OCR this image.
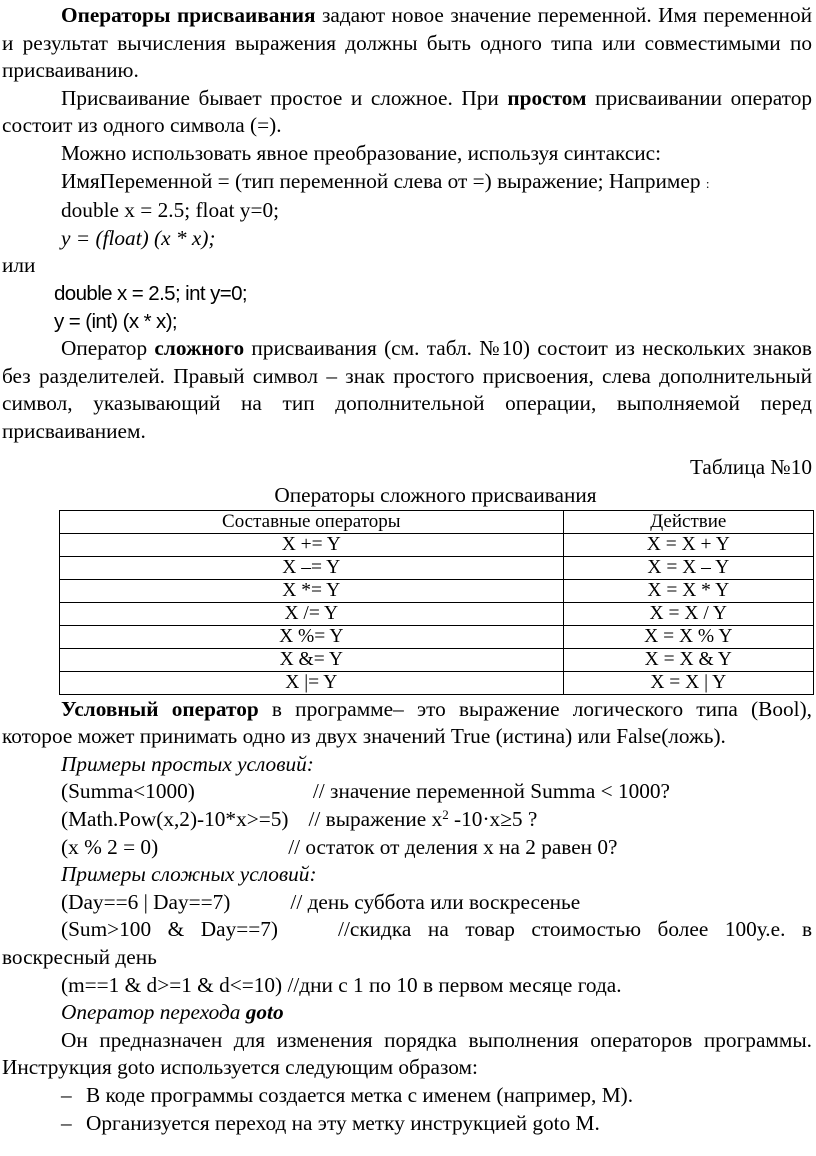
Операторы присваивания задают новое значение переменной. Имя переменной и результат вычисления выражения должны быть одного типа или совместимыми по присваиванию.

Присваивание бывает простое и сложное. При простом присваивании оператор состоит из одного символа (=).

Можно использовать явное преобразование, используя синтаксис:

ИмяПеременной = (тип переменной слева от =) выражение; Например :

double x = 2.5; float y=0;

y = (float) (x * x);

или

double x = 2.5; int y=0;

y = (int) (x * x);

Оператор сложного присваивания (см. табл. №10) состоит из нескольких знаков без разделителей. Правый символ – знак простого присвоения, слева дополнительный символ, указывающий на тип дополнительной операции, выполняемой перед присваиванием.

Таблица №10

Операторы сложного присваивания

Составные операторы	Действие
X += Y	X = X + Y
X –= Y	X = X – Y
X *= Y	X = X * Y
X /= Y	X = X / Y
X %= Y	X = X % Y
X &= Y	X = X & Y
X |= Y	X = X | Y

Условный оператор в программе– это выражение логического типа (Bool), которое может принимать одно из двух значений True (истина) или False(ложь).

Примеры простых условий:

(Summa<1000)	// значение переменной Summa < 1000?

(Math.Pow(x,2)-10*x>=5) // выражение $x^2$ -10·x≥5 ?

(x % 2 = 0)	// остаток от деления x на 2 равен 0?

Примеры сложных условий:

(Day==6 | Day==7)	// день суббота или воскресенье

(Sum>100 & Day==7)	//скидка на товар стоимостью более 100у.е. в воскресный день

(m==1 & d>=1 & d<=10) //дни с 1 по 10 в первом месяце года.

Оператор перехода goto

Он предназначен для изменения порядка выполнения операторов программы. Инструкция goto используется следующим образом:

– В коде программы создается метка с именем (например, M).

– Организуется переход на эту метку инструкцией goto M.
